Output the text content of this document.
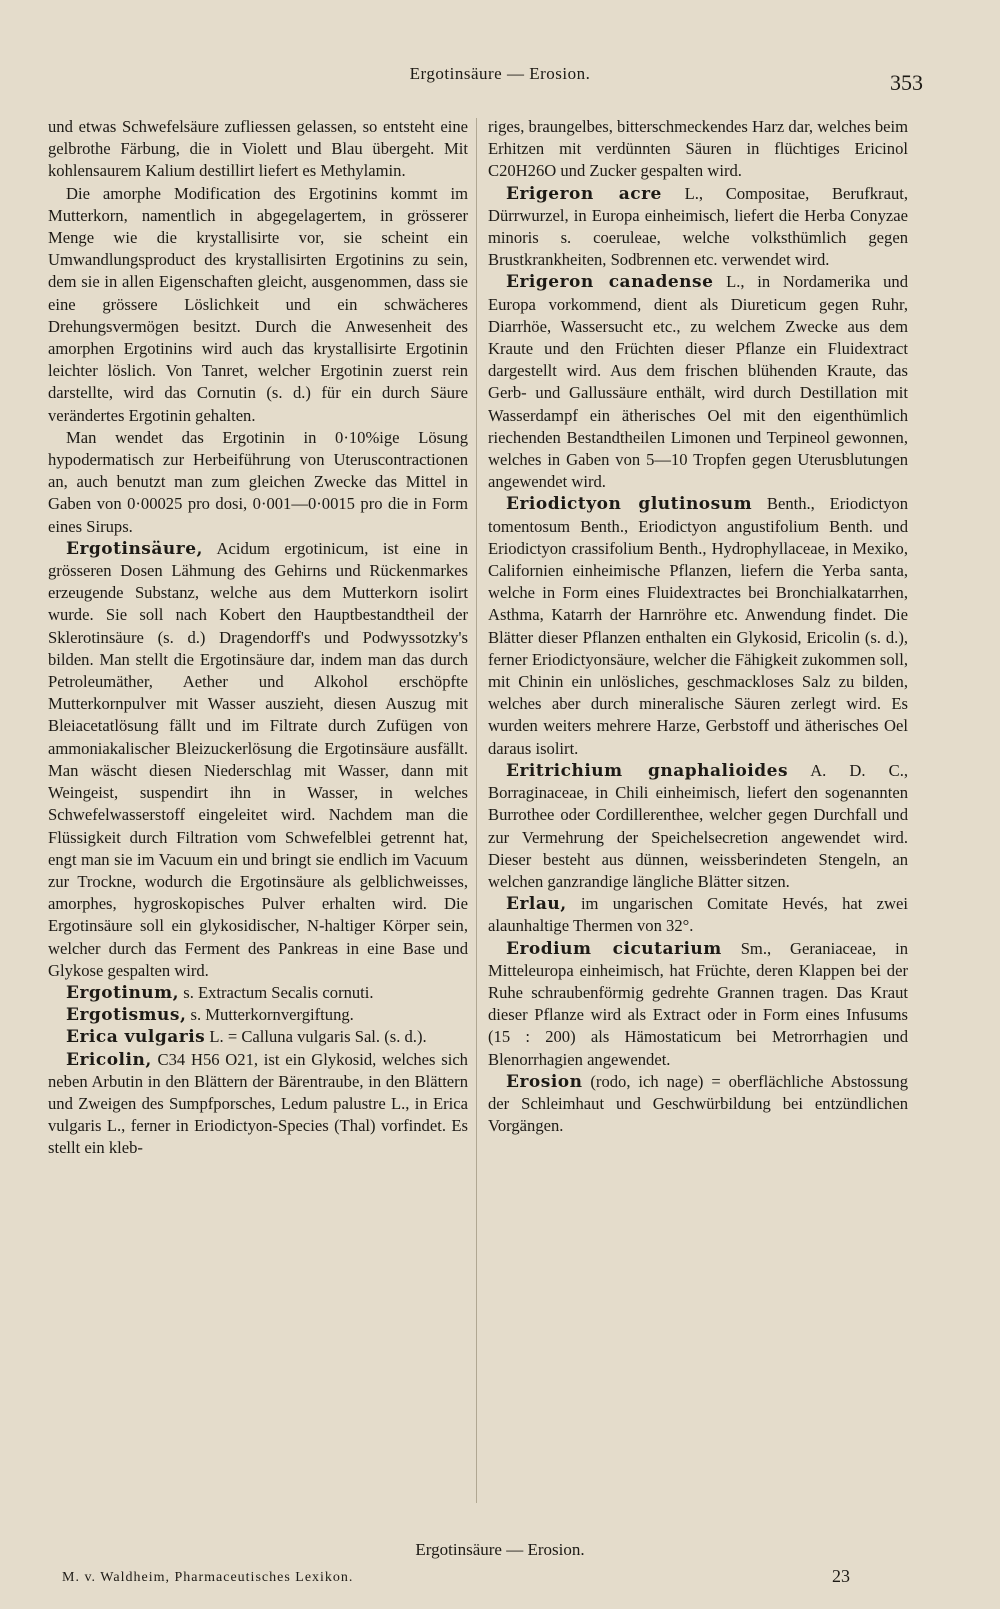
Ergotinsäure — Erosion.	353

und etwas Schwefelsäure zufliessen gelassen, so entsteht eine gelbrothe Färbung, die in Violett und Blau übergeht. Mit kohlensaurem Kalium destillirt liefert es Methylamin.

Die amorphe Modification des Ergotinins kommt im Mutterkorn, namentlich in abgegelagertem, in grösserer Menge wie die krystallisirte vor, sie scheint ein Umwandlungsproduct des krystallisirten Ergotinins zu sein, dem sie in allen Eigenschaften gleicht, ausgenommen, dass sie eine grössere Löslichkeit und ein schwächeres Drehungsvermögen besitzt. Durch die Anwesenheit des amorphen Ergotinins wird auch das krystallisirte Ergotinin leichter löslich. Von Tanret, welcher Ergotinin zuerst rein darstellte, wird das Cornutin (s. d.) für ein durch Säure verändertes Ergotinin gehalten.

Man wendet das Ergotinin in 0·10%ige Lösung hypodermatisch zur Herbeiführung von Uteruscontractionen an, auch benutzt man zum gleichen Zwecke das Mittel in Gaben von 0·00025 pro dosi, 0·001—0·0015 pro die in Form eines Sirups.

Ergotinsäure, Acidum ergotinicum, ist eine in grösseren Dosen Lähmung des Gehirns und Rückenmarkes erzeugende Substanz, welche aus dem Mutterkorn isolirt wurde. Sie soll nach Kobert den Hauptbestandtheil der Sklerotinsäure (s. d.) Dragendorff's und Podwyssotzky's bilden. Man stellt die Ergotinsäure dar, indem man das durch Petroleumäther, Aether und Alkohol erschöpfte Mutterkornpulver mit Wasser auszieht, diesen Auszug mit Bleiacetatlösung fällt und im Filtrate durch Zufügen von ammoniakalischer Bleizuckerlösung die Ergotinsäure ausfällt. Man wäscht diesen Niederschlag mit Wasser, dann mit Weingeist, suspendirt ihn in Wasser, in welches Schwefelwasserstoff eingeleitet wird. Nachdem man die Flüssigkeit durch Filtration vom Schwefelblei getrennt hat, engt man sie im Vacuum ein und bringt sie endlich im Vacuum zur Trockne, wodurch die Ergotinsäure als gelblichweisses, amorphes, hygroskopisches Pulver erhalten wird. Die Ergotinsäure soll ein glykosidischer, N-haltiger Körper sein, welcher durch das Ferment des Pankreas in eine Base und Glykose gespalten wird.

Ergotinum, s. Extractum Secalis cornuti.

Ergotismus, s. Mutterkornvergiftung.

Erica vulgaris L. = Calluna vulgaris Sal. (s. d.).

Ericolin, C34 H56 O21, ist ein Glykosid, welches sich neben Arbutin in den Blättern der Bärentraube, in den Blättern und Zweigen des Sumpfporsches, Ledum palustre L., in Erica vulgaris L., ferner in Eriodictyon-Species (Thal) vorfindet. Es stellt ein kleb-

riges, braungelbes, bitterschmeckendes Harz dar, welches beim Erhitzen mit verdünnten Säuren in flüchtiges Ericinol C20H26O und Zucker gespalten wird.

Erigeron acre L., Compositae, Berufkraut, Dürrwurzel, in Europa einheimisch, liefert die Herba Conyzae minoris s. coeruleae, welche volksthümlich gegen Brustkrankheiten, Sodbrennen etc. verwendet wird.

Erigeron canadense L., in Nordamerika und Europa vorkommend, dient als Diureticum gegen Ruhr, Diarrhöe, Wassersucht etc., zu welchem Zwecke aus dem Kraute und den Früchten dieser Pflanze ein Fluidextract dargestellt wird. Aus dem frischen blühenden Kraute, das Gerb- und Gallussäure enthält, wird durch Destillation mit Wasserdampf ein ätherisches Oel mit den eigenthümlich riechenden Bestandtheilen Limonen und Terpineol gewonnen, welches in Gaben von 5—10 Tropfen gegen Uterusblutungen angewendet wird.

Eriodictyon glutinosum Benth., Eriodictyon tomentosum Benth., Eriodictyon angustifolium Benth. und Eriodictyon crassifolium Benth., Hydrophyllaceae, in Mexiko, Californien einheimische Pflanzen, liefern die Yerba santa, welche in Form eines Fluidextractes bei Bronchialkatarrhen, Asthma, Katarrh der Harnröhre etc. Anwendung findet. Die Blätter dieser Pflanzen enthalten ein Glykosid, Ericolin (s. d.), ferner Eriodictyonsäure, welcher die Fähigkeit zukommen soll, mit Chinin ein unlösliches, geschmackloses Salz zu bilden, welches aber durch mineralische Säuren zerlegt wird. Es wurden weiters mehrere Harze, Gerbstoff und ätherisches Oel daraus isolirt.

Eritrichium gnaphalioides A. D. C., Borraginaceae, in Chili einheimisch, liefert den sogenannten Burrothee oder Cordillerenthee, welcher gegen Durchfall und zur Vermehrung der Speichelsecretion angewendet wird. Dieser besteht aus dünnen, weissberindeten Stengeln, an welchen ganzrandige längliche Blätter sitzen.

Erlau, im ungarischen Comitate Hevés, hat zwei alaunhaltige Thermen von 32°.

Erodium cicutarium Sm., Geraniaceae, in Mitteleuropa einheimisch, hat Früchte, deren Klappen bei der Ruhe schraubenförmig gedrehte Grannen tragen. Das Kraut dieser Pflanze wird als Extract oder in Form eines Infusums (15 : 200) als Hämostaticum bei Metrorrhagien und Blenorrhagien angewendet.

Erosion (rodo, ich nage) = oberflächliche Abstossung der Schleimhaut und Geschwürbildung bei entzündlichen Vorgängen.

Ergotinsäure — Erosion.
M. v. Waldheim, Pharmaceutisches Lexikon.	23
